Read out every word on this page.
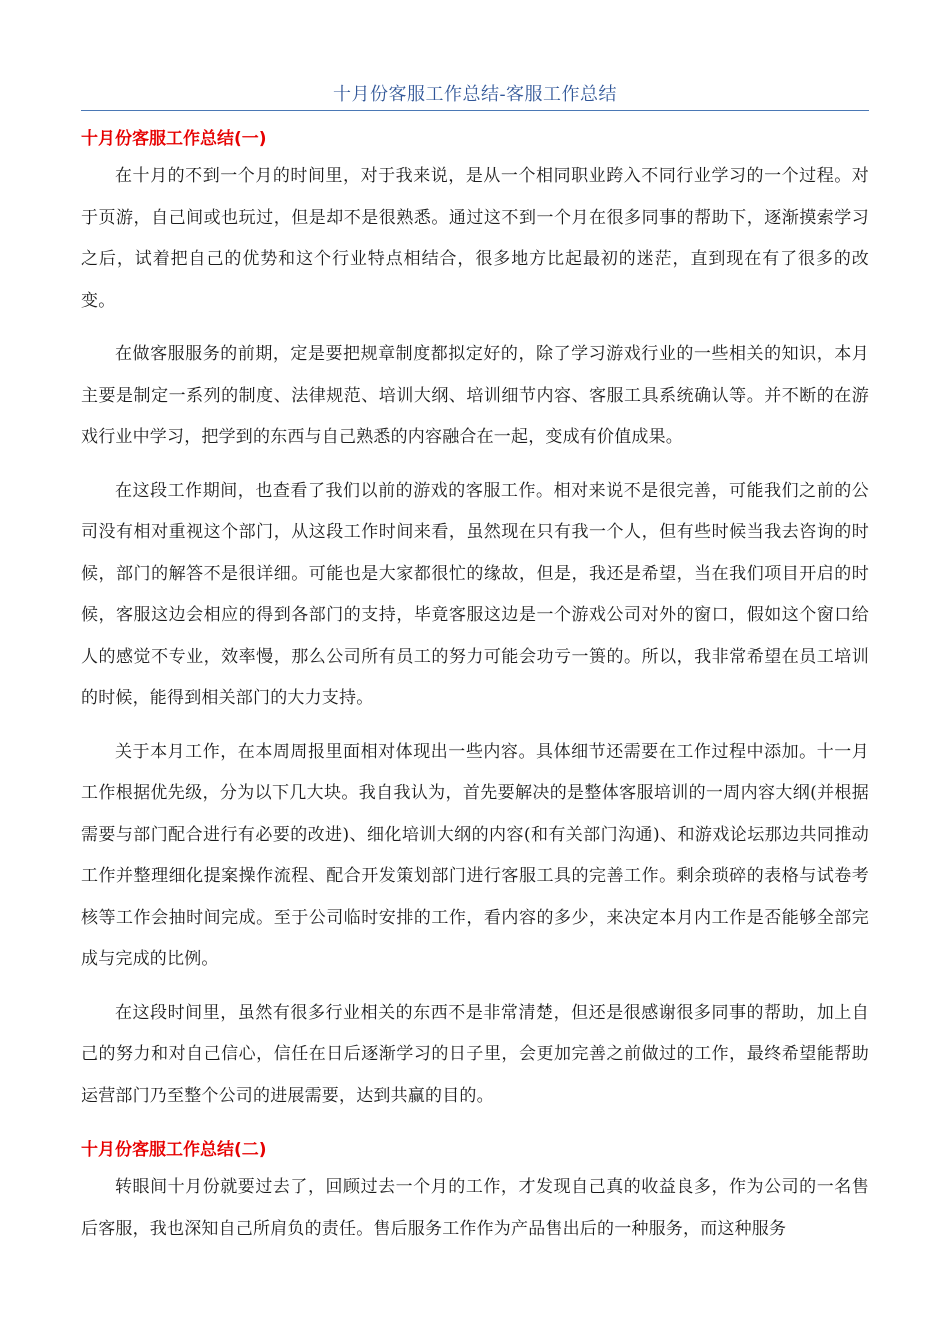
十月份客服工作总结-客服工作总结
十月份客服工作总结(一)

在十月的不到一个月的时间里，对于我来说，是从一个相同职业跨入不同行业学习的一个过程。对于页游，自己间或也玩过，但是却不是很熟悉。通过这不到一个月在很多同事的帮助下，逐渐摸索学习之后，试着把自己的优势和这个行业特点相结合，很多地方比起最初的迷茫，直到现在有了很多的改变。

在做客服服务的前期，定是要把规章制度都拟定好的，除了学习游戏行业的一些相关的知识，本月主要是制定一系列的制度、法律规范、培训大纲、培训细节内容、客服工具系统确认等。并不断的在游戏行业中学习，把学到的东西与自己熟悉的内容融合在一起，变成有价值成果。

在这段工作期间，也查看了我们以前的游戏的客服工作。相对来说不是很完善，可能我们之前的公司没有相对重视这个部门，从这段工作时间来看，虽然现在只有我一个人，但有些时候当我去咨询的时候，部门的解答不是很详细。可能也是大家都很忙的缘故，但是，我还是希望，当在我们项目开启的时候，客服这边会相应的得到各部门的支持，毕竟客服这边是一个游戏公司对外的窗口，假如这个窗口给人的感觉不专业，效率慢，那么公司所有员工的努力可能会功亏一篑的。所以，我非常希望在员工培训的时候，能得到相关部门的大力支持。

关于本月工作，在本周周报里面相对体现出一些内容。具体细节还需要在工作过程中添加。十一月工作根据优先级，分为以下几大块。我自我认为，首先要解决的是整体客服培训的一周内容大纲(并根据需要与部门配合进行有必要的改进)、细化培训大纲的内容(和有关部门沟通)、和游戏论坛那边共同推动工作并整理细化提案操作流程、配合开发策划部门进行客服工具的完善工作。剩余琐碎的表格与试卷考核等工作会抽时间完成。至于公司临时安排的工作，看内容的多少，来决定本月内工作是否能够全部完成与完成的比例。

在这段时间里，虽然有很多行业相关的东西不是非常清楚，但还是很感谢很多同事的帮助，加上自己的努力和对自己信心，信任在日后逐渐学习的日子里，会更加完善之前做过的工作，最终希望能帮助运营部门乃至整个公司的进展需要，达到共赢的目的。

十月份客服工作总结(二)

转眼间十月份就要过去了，回顾过去一个月的工作，才发现自己真的收益良多，作为公司的一名售后客服，我也深知自己所肩负的责任。售后服务工作作为产品售出后的一种服务，而这种服务
